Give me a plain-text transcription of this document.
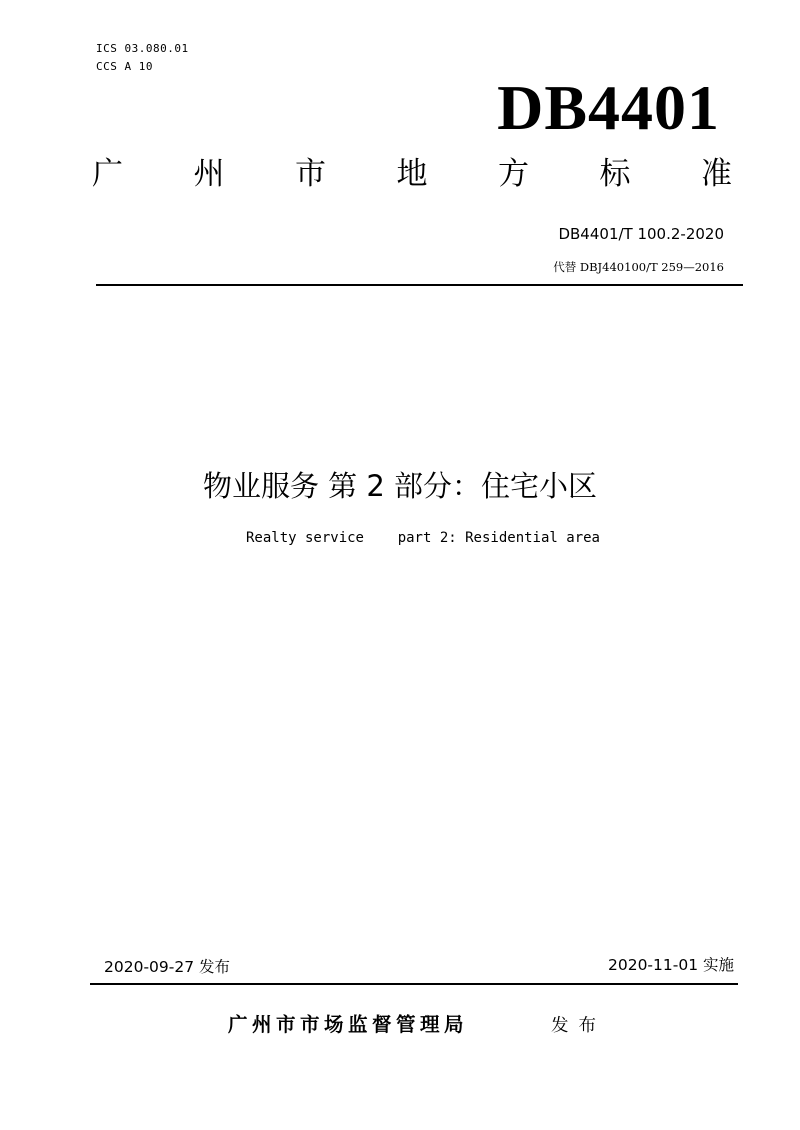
ICS 03.080.01
CCS A 10
DB4401
广 州 市 地 方 标 准
DB4401/T 100.2-2020
代替 DBJ440100/T 259—2016
物业服务 第 2 部分：住宅小区
Realty service    part 2: Residential area
2020-09-27 发布	2020-11-01 实施
广州市市场监督管理局	发布
